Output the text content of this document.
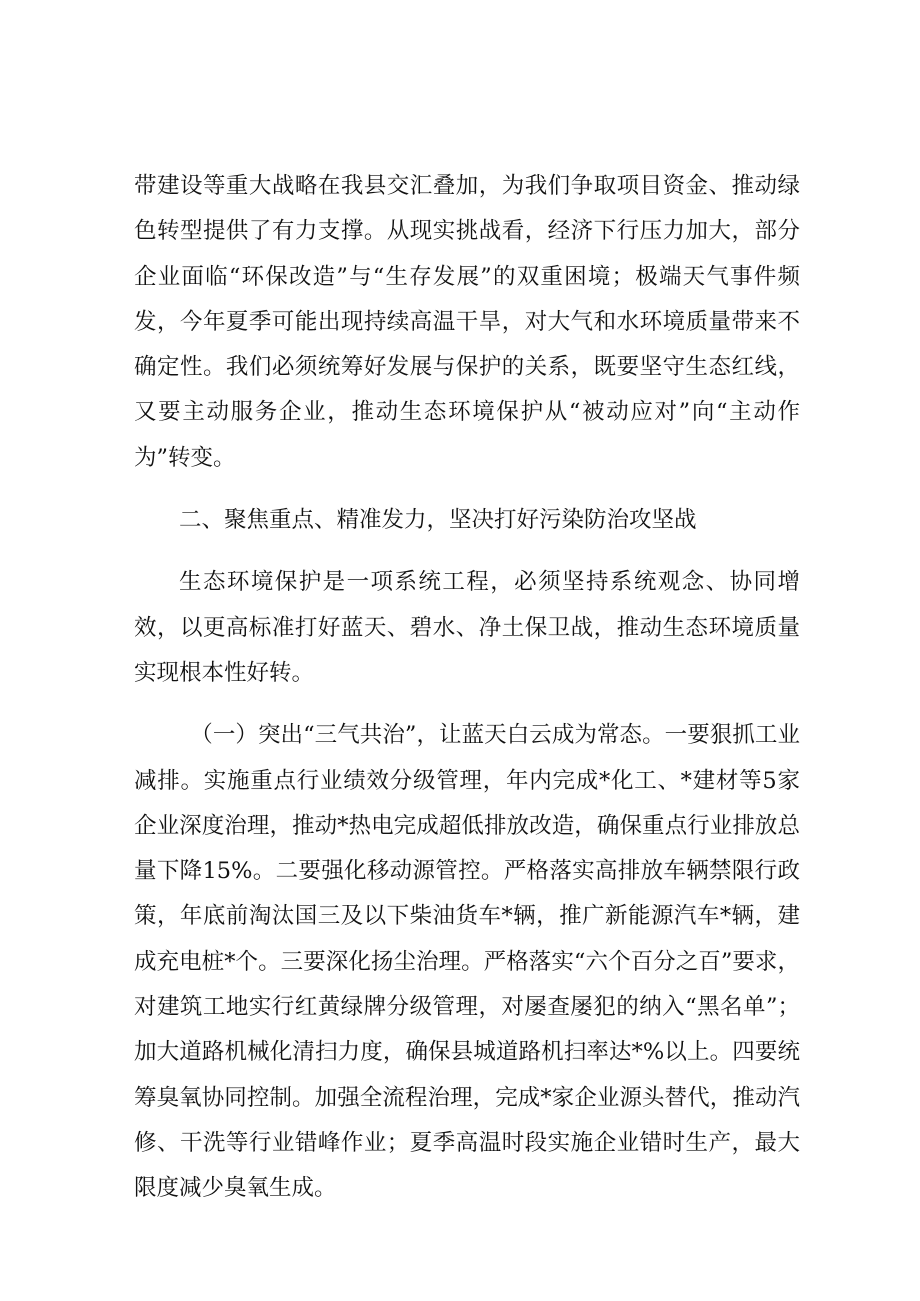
带建设等重大战略在我县交汇叠加，为我们争取项目资金、推动绿色转型提供了有力支撑。从现实挑战看，经济下行压力加大，部分企业面临“环保改造”与“生存发展”的双重困境；极端天气事件频发，今年夏季可能出现持续高温干旱，对大气和水环境质量带来不确定性。我们必须统筹好发展与保护的关系，既要坚守生态红线，又要主动服务企业，推动生态环境保护从“被动应对”向“主动作为”转变。

二、聚焦重点、精准发力，坚决打好污染防治攻坚战

生态环境保护是一项系统工程，必须坚持系统观念、协同增效，以更高标准打好蓝天、碧水、净土保卫战，推动生态环境质量实现根本性好转。

（一）突出“三气共治”，让蓝天白云成为常态。一要狠抓工业减排。实施重点行业绩效分级管理，年内完成*化工、*建材等5家企业深度治理，推动*热电完成超低排放改造，确保重点行业排放总量下降15%。二要强化移动源管控。严格落实高排放车辆禁限行政策，年底前淘汰国三及以下柴油货车*辆，推广新能源汽车*辆，建成充电桩*个。三要深化扬尘治理。严格落实“六个百分之百”要求，对建筑工地实行红黄绿牌分级管理，对屡查屡犯的纳入“黑名单”；加大道路机械化清扫力度，确保县城道路机扫率达*%以上。四要统筹臭氧协同控制。加强全流程治理，完成*家企业源头替代，推动汽修、干洗等行业错峰作业；夏季高温时段实施企业错时生产，最大限度减少臭氧生成。
